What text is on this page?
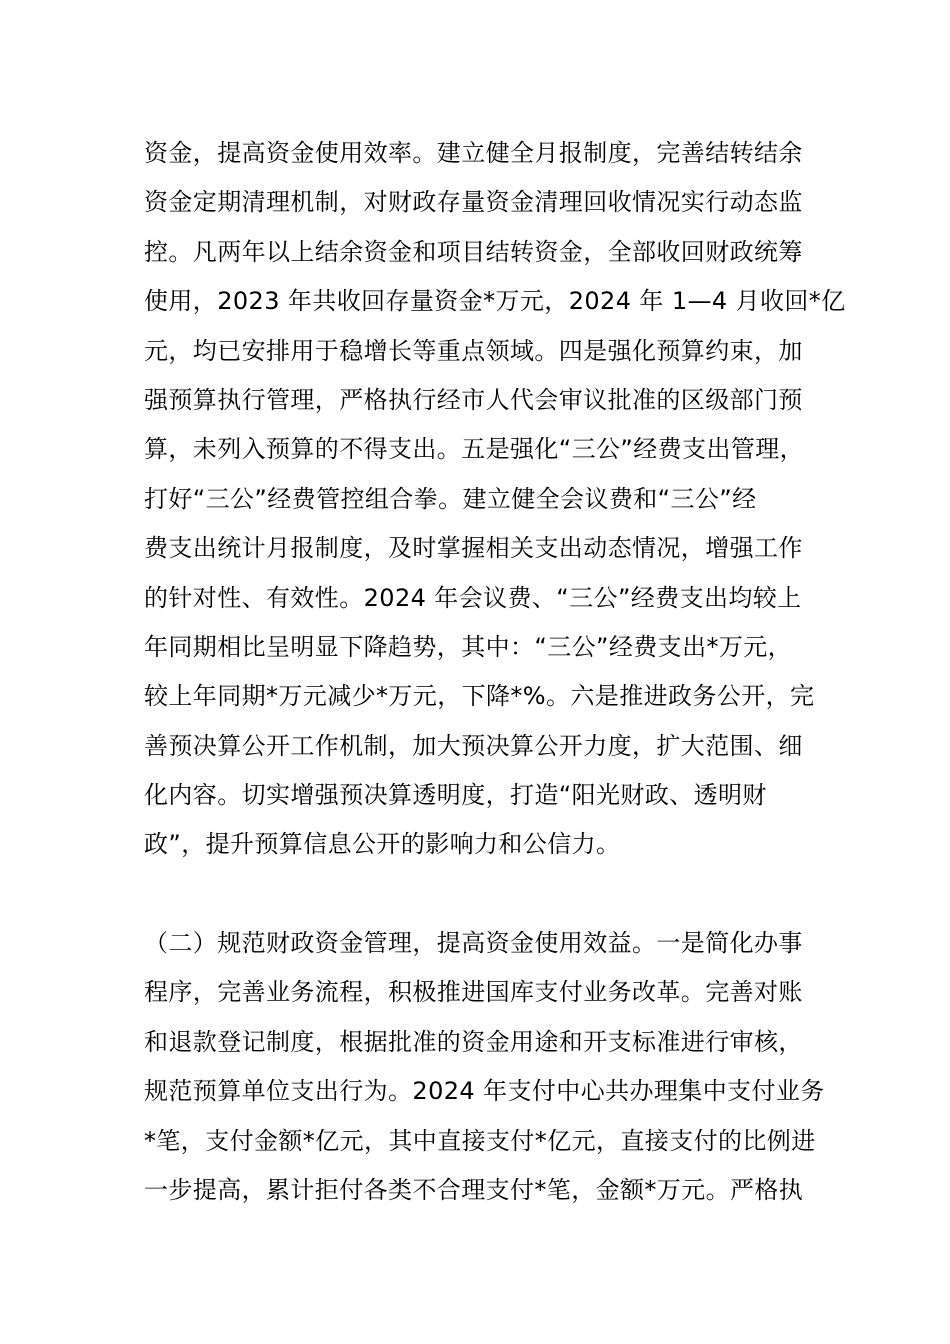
资金，提高资金使用效率。建立健全月报制度，完善结转结余
资金定期清理机制，对财政存量资金清理回收情况实行动态监
控。凡两年以上结余资金和项目结转资金，全部收回财政统筹
使用，2023 年共收回存量资金*万元，2024 年 1—4 月收回*亿
元，均已安排用于稳增长等重点领域。四是强化预算约束，加
强预算执行管理，严格执行经市人代会审议批准的区级部门预
算，未列入预算的不得支出。五是强化“三公”经费支出管理，
打好“三公”经费管控组合拳。建立健全会议费和“三公”经
费支出统计月报制度，及时掌握相关支出动态情况，增强工作
的针对性、有效性。2024 年会议费、“三公”经费支出均较上
年同期相比呈明显下降趋势，其中：“三公”经费支出*万元，
较上年同期*万元减少*万元，下降*%。六是推进政务公开，完
善预决算公开工作机制，加大预决算公开力度，扩大范围、细
化内容。切实增强预决算透明度，打造“阳光财政、透明财
政”，提升预算信息公开的影响力和公信力。
（二）规范财政资金管理，提高资金使用效益。一是简化办事
程序，完善业务流程，积极推进国库支付业务改革。完善对账
和退款登记制度，根据批准的资金用途和开支标准进行审核，
规范预算单位支出行为。2024 年支付中心共办理集中支付业务
*笔，支付金额*亿元，其中直接支付*亿元，直接支付的比例进
一步提高，累计拒付各类不合理支付*笔，金额*万元。严格执
